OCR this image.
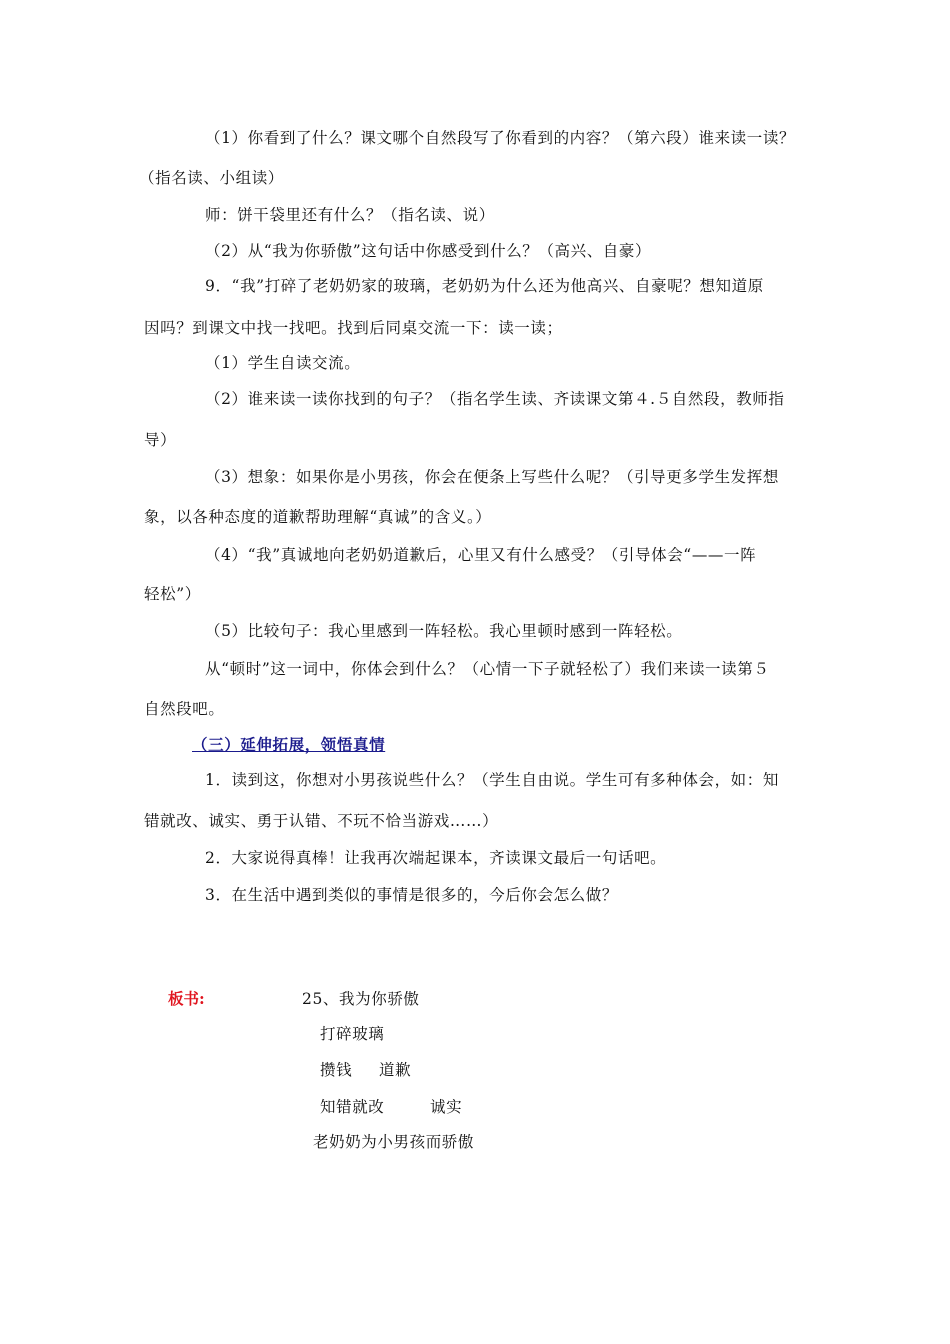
（1）你看到了什么？课文哪个自然段写了你看到的内容？（第六段）谁来读一读？
（指名读、小组读）
师：饼干袋里还有什么？（指名读、说）
（2）从“我为你骄傲”这句话中你感受到什么？（高兴、自豪）
9．“我”打碎了老奶奶家的玻璃，老奶奶为什么还为他高兴、自豪呢？想知道原
因吗？到课文中找一找吧。找到后同桌交流一下：读一读；
（1）学生自读交流。
（2）谁来读一读你找到的句子？（指名学生读、齐读课文第４.５自然段，教师指
导）
（3）想象：如果你是小男孩，你会在便条上写些什么呢？（引导更多学生发挥想
象，以各种态度的道歉帮助理解“真诚”的含义。）
（4）“我”真诚地向老奶奶道歉后，心里又有什么感受？（引导体会“——一阵
轻松”）
（5）比较句子：我心里感到一阵轻松。我心里顿时感到一阵轻松。
从“顿时”这一词中，你体会到什么？（心情一下子就轻松了）我们来读一读第５
自然段吧。
（三）延伸拓展，领悟真情
1．读到这，你想对小男孩说些什么？（学生自由说。学生可有多种体会，如：知
错就改、诚实、勇于认错、不玩不恰当游戏……）
2．大家说得真棒！让我再次端起课本，齐读课文最后一句话吧。
3．在生活中遇到类似的事情是很多的，今后你会怎么做？
板书:	25、我为你骄傲
打碎玻璃
攒钱 道歉
知错就改	诚实
老奶奶为小男孩而骄傲
